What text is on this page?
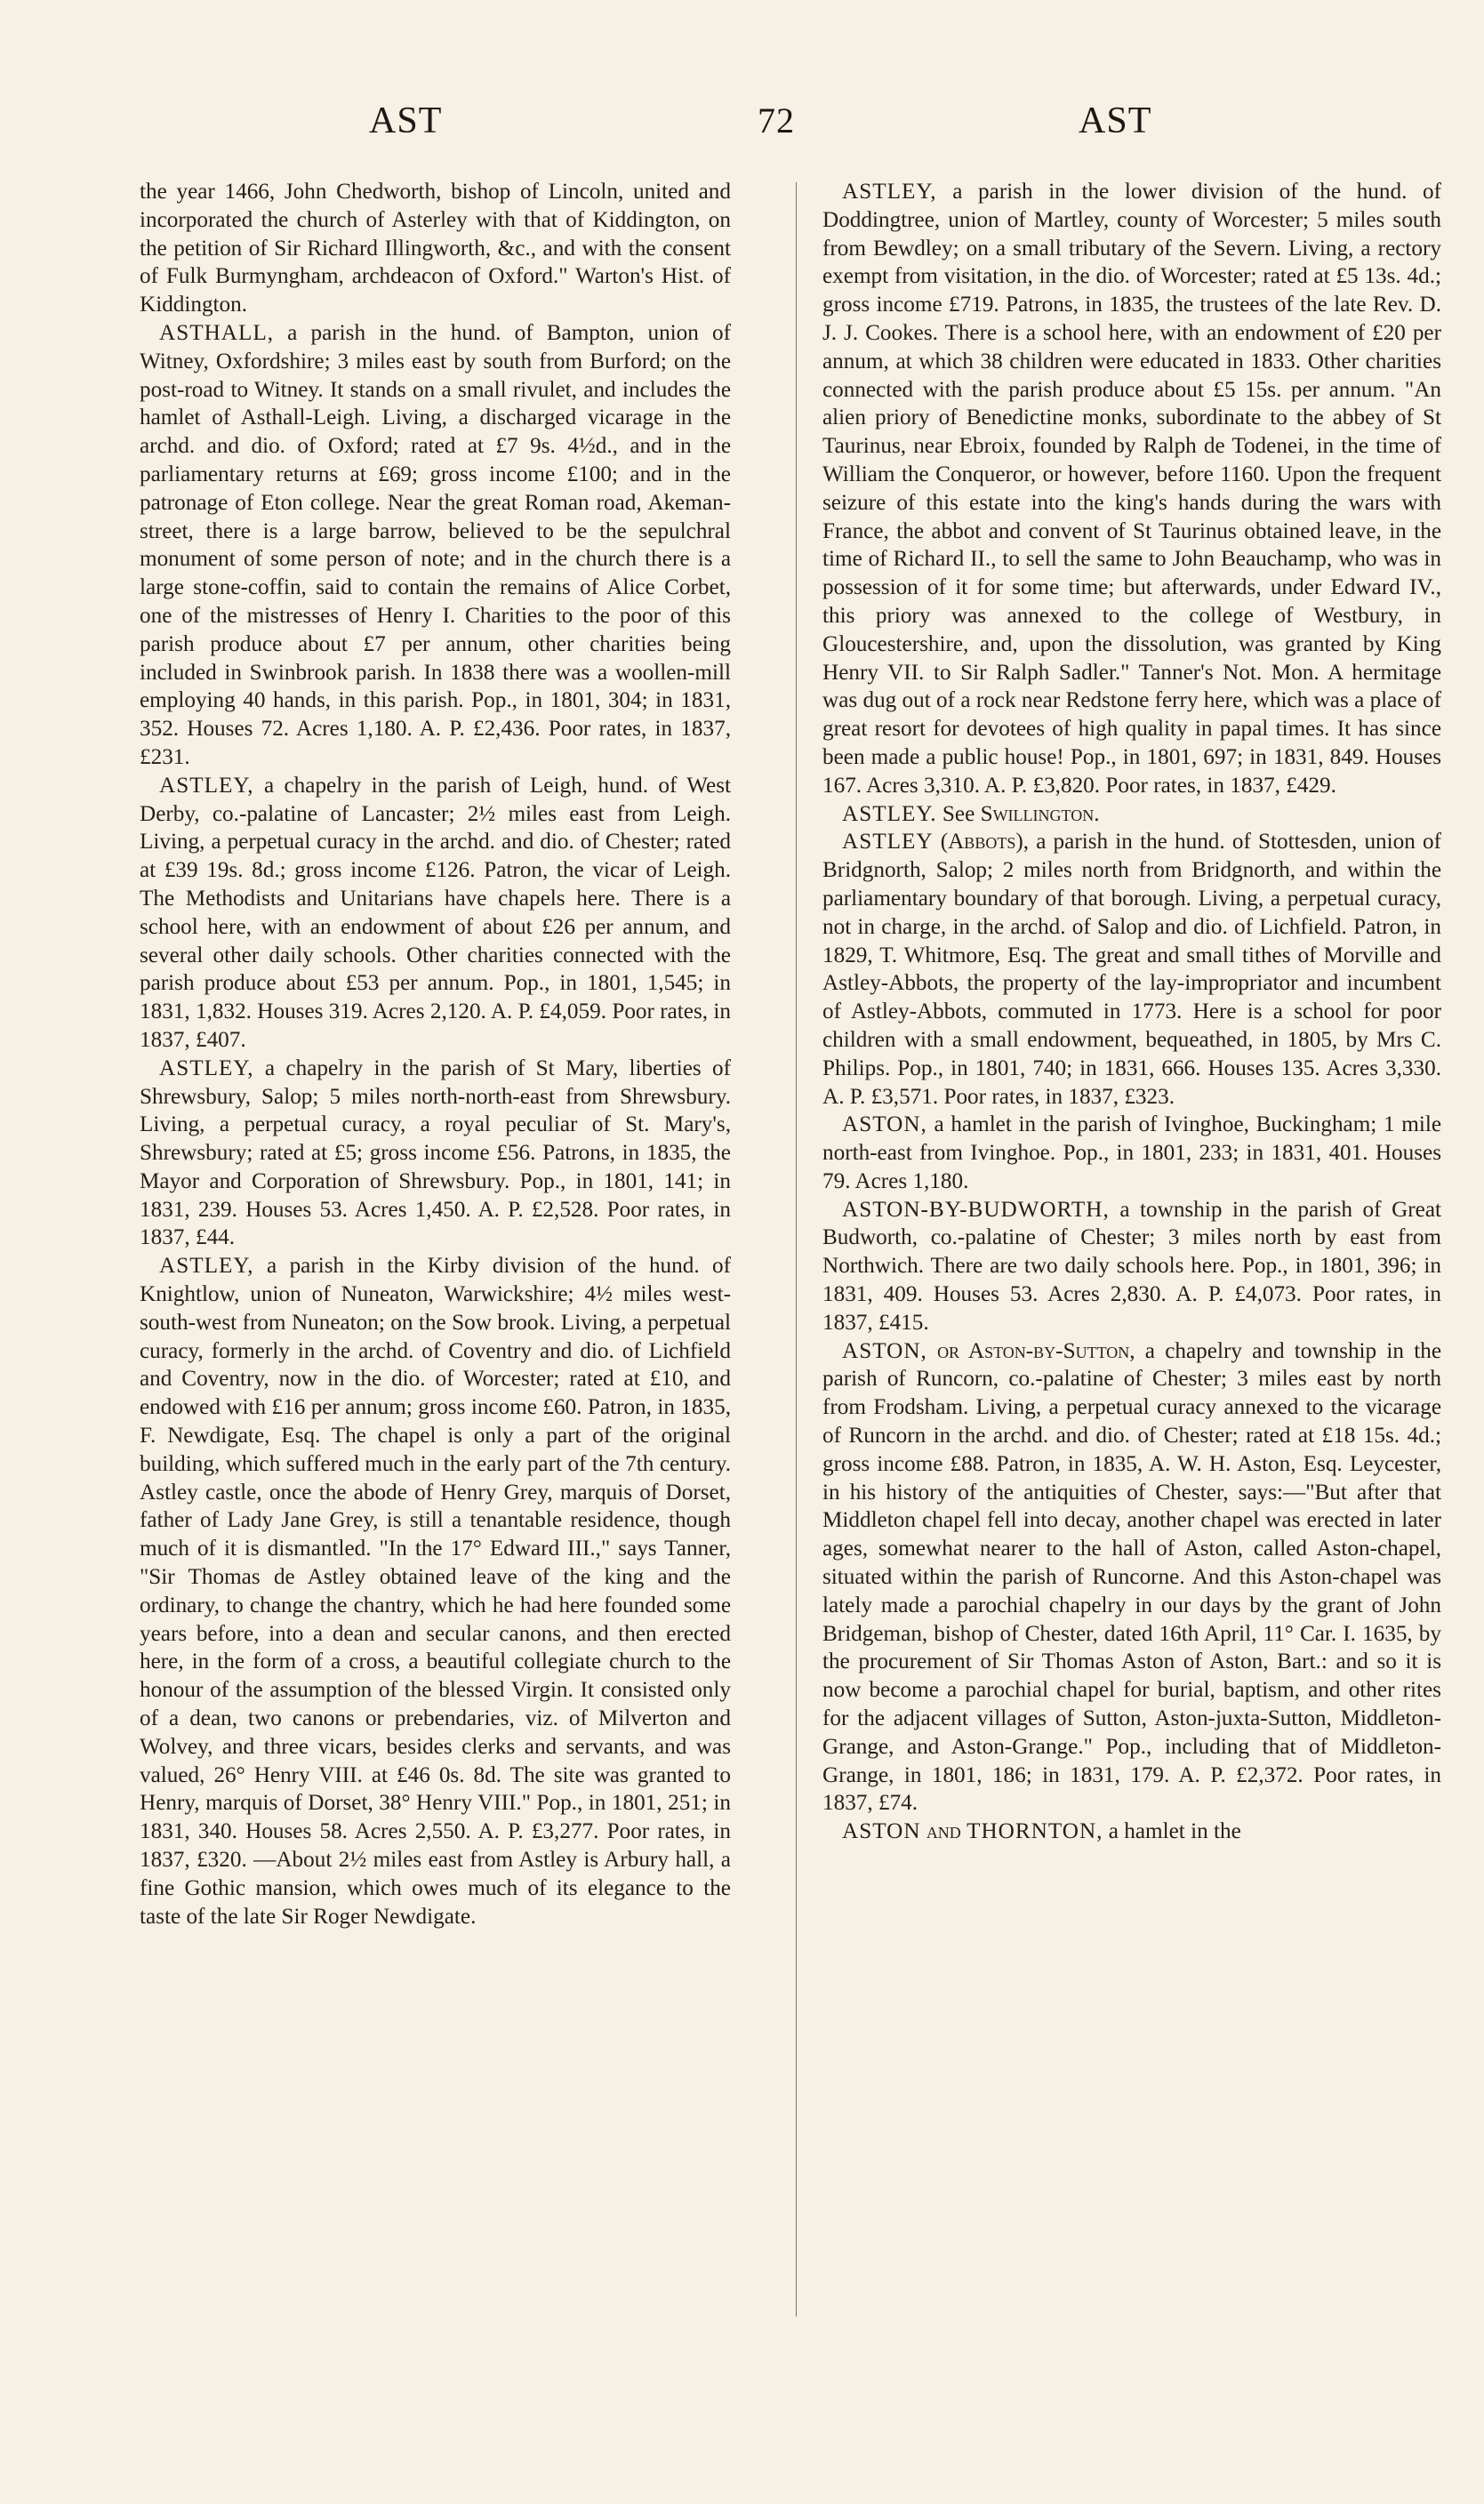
AST	72	AST

the year 1466, John Chedworth, bishop of Lincoln, united and incorporated the church of Asterley with that of Kiddington, on the petition of Sir Richard Illingworth, &c., and with the consent of Fulk Burmyngham, archdeacon of Oxford." Warton's Hist. of Kiddington.

ASTHALL, a parish in the hund. of Bampton, union of Witney, Oxfordshire; 3 miles east by south from Burford; on the post-road to Witney. It stands on a small rivulet, and includes the hamlet of Asthall-Leigh. Living, a discharged vicarage in the archd. and dio. of Oxford; rated at £7 9s. 4½d., and in the parliamentary returns at £69; gross income £100; and in the patronage of Eton college. Near the great Roman road, Akeman-street, there is a large barrow, believed to be the sepulchral monument of some person of note; and in the church there is a large stone-coffin, said to contain the remains of Alice Corbet, one of the mistresses of Henry I. Charities to the poor of this parish produce about £7 per annum, other charities being included in Swinbrook parish. In 1838 there was a woollen-mill employing 40 hands, in this parish. Pop., in 1801, 304; in 1831, 352. Houses 72. Acres 1,180. A. P. £2,436. Poor rates, in 1837, £231.

ASTLEY, a chapelry in the parish of Leigh, hund. of West Derby, co.-palatine of Lancaster; 2½ miles east from Leigh. Living, a perpetual curacy in the archd. and dio. of Chester; rated at £39 19s. 8d.; gross income £126. Patron, the vicar of Leigh. The Methodists and Unitarians have chapels here. There is a school here, with an endowment of about £26 per annum, and several other daily schools. Other charities connected with the parish produce about £53 per annum. Pop., in 1801, 1,545; in 1831, 1,832. Houses 319. Acres 2,120. A. P. £4,059. Poor rates, in 1837, £407.

ASTLEY, a chapelry in the parish of St Mary, liberties of Shrewsbury, Salop; 5 miles north-north-east from Shrewsbury. Living, a perpetual curacy, a royal peculiar of St. Mary's, Shrewsbury; rated at £5; gross income £56. Patrons, in 1835, the Mayor and Corporation of Shrewsbury. Pop., in 1801, 141; in 1831, 239. Houses 53. Acres 1,450. A. P. £2,528. Poor rates, in 1837, £44.

ASTLEY, a parish in the Kirby division of the hund. of Knightlow, union of Nuneaton, Warwickshire; 4½ miles west-south-west from Nuneaton; on the Sow brook. Living, a perpetual curacy, formerly in the archd. of Coventry and dio. of Lichfield and Coventry, now in the dio. of Worcester; rated at £10, and endowed with £16 per annum; gross income £60. Patron, in 1835, F. Newdigate, Esq. The chapel is only a part of the original building, which suffered much in the early part of the 7th century. Astley castle, once the abode of Henry Grey, marquis of Dorset, father of Lady Jane Grey, is still a tenantable residence, though much of it is dismantled. "In the 17° Edward III.," says Tanner, "Sir Thomas de Astley obtained leave of the king and the ordinary, to change the chantry, which he had here founded some years before, into a dean and secular canons, and then erected here, in the form of a cross, a beautiful collegiate church to the honour of the assumption of the blessed Virgin. It consisted only of a dean, two canons or prebendaries, viz. of Milverton and Wolvey, and three vicars, besides clerks and servants, and was valued, 26° Henry VIII. at £46 0s. 8d. The site was granted to Henry, marquis of Dorset, 38° Henry VIII." Pop., in 1801, 251; in 1831, 340. Houses 58. Acres 2,550. A. P. £3,277. Poor rates, in 1837, £320. —About 2½ miles east from Astley is Arbury hall, a fine Gothic mansion, which owes much of its elegance to the taste of the late Sir Roger Newdigate.

ASTLEY, a parish in the lower division of the hund. of Doddingtree, union of Martley, county of Worcester; 5 miles south from Bewdley; on a small tributary of the Severn. Living, a rectory exempt from visitation, in the dio. of Worcester; rated at £5 13s. 4d.; gross income £719. Patrons, in 1835, the trustees of the late Rev. D. J. J. Cookes. There is a school here, with an endowment of £20 per annum, at which 38 children were educated in 1833. Other charities connected with the parish produce about £5 15s. per annum. "An alien priory of Benedictine monks, subordinate to the abbey of St Taurinus, near Ebroix, founded by Ralph de Todenei, in the time of William the Conqueror, or however, before 1160. Upon the frequent seizure of this estate into the king's hands during the wars with France, the abbot and convent of St Taurinus obtained leave, in the time of Richard II., to sell the same to John Beauchamp, who was in possession of it for some time; but afterwards, under Edward IV., this priory was annexed to the college of Westbury, in Gloucestershire, and, upon the dissolution, was granted by King Henry VII. to Sir Ralph Sadler." Tanner's Not. Mon. A hermitage was dug out of a rock near Redstone ferry here, which was a place of great resort for devotees of high quality in papal times. It has since been made a public house! Pop., in 1801, 697; in 1831, 849. Houses 167. Acres 3,310. A. P. £3,820. Poor rates, in 1837, £429.

ASTLEY. See Swillington.

ASTLEY (Abbots), a parish in the hund. of Stottesden, union of Bridgnorth, Salop; 2 miles north from Bridgnorth, and within the parliamentary boundary of that borough. Living, a perpetual curacy, not in charge, in the archd. of Salop and dio. of Lichfield. Patron, in 1829, T. Whitmore, Esq. The great and small tithes of Morville and Astley-Abbots, the property of the lay-impropriator and incumbent of Astley-Abbots, commuted in 1773. Here is a school for poor children with a small endowment, bequeathed, in 1805, by Mrs C. Philips. Pop., in 1801, 740; in 1831, 666. Houses 135. Acres 3,330. A. P. £3,571. Poor rates, in 1837, £323.

ASTON, a hamlet in the parish of Ivinghoe, Buckingham; 1 mile north-east from Ivinghoe. Pop., in 1801, 233; in 1831, 401. Houses 79. Acres 1,180.

ASTON-BY-BUDWORTH, a township in the parish of Great Budworth, co.-palatine of Chester; 3 miles north by east from Northwich. There are two daily schools here. Pop., in 1801, 396; in 1831, 409. Houses 53. Acres 2,830. A. P. £4,073. Poor rates, in 1837, £415.

ASTON, or Aston-by-Sutton, a chapelry and township in the parish of Runcorn, co.-palatine of Chester; 3 miles east by north from Frodsham. Living, a perpetual curacy annexed to the vicarage of Runcorn in the archd. and dio. of Chester; rated at £18 15s. 4d.; gross income £88. Patron, in 1835, A. W. H. Aston, Esq. Leycester, in his history of the antiquities of Chester, says:—"But after that Middleton chapel fell into decay, another chapel was erected in later ages, somewhat nearer to the hall of Aston, called Aston-chapel, situated within the parish of Runcorne. And this Aston-chapel was lately made a parochial chapelry in our days by the grant of John Bridgeman, bishop of Chester, dated 16th April, 11° Car. I. 1635, by the procurement of Sir Thomas Aston of Aston, Bart.: and so it is now become a parochial chapel for burial, baptism, and other rites for the adjacent villages of Sutton, Aston-juxta-Sutton, Middleton-Grange, and Aston-Grange." Pop., including that of Middleton-Grange, in 1801, 186; in 1831, 179. A. P. £2,372. Poor rates, in 1837, £74.

ASTON and THORNTON, a hamlet in the
